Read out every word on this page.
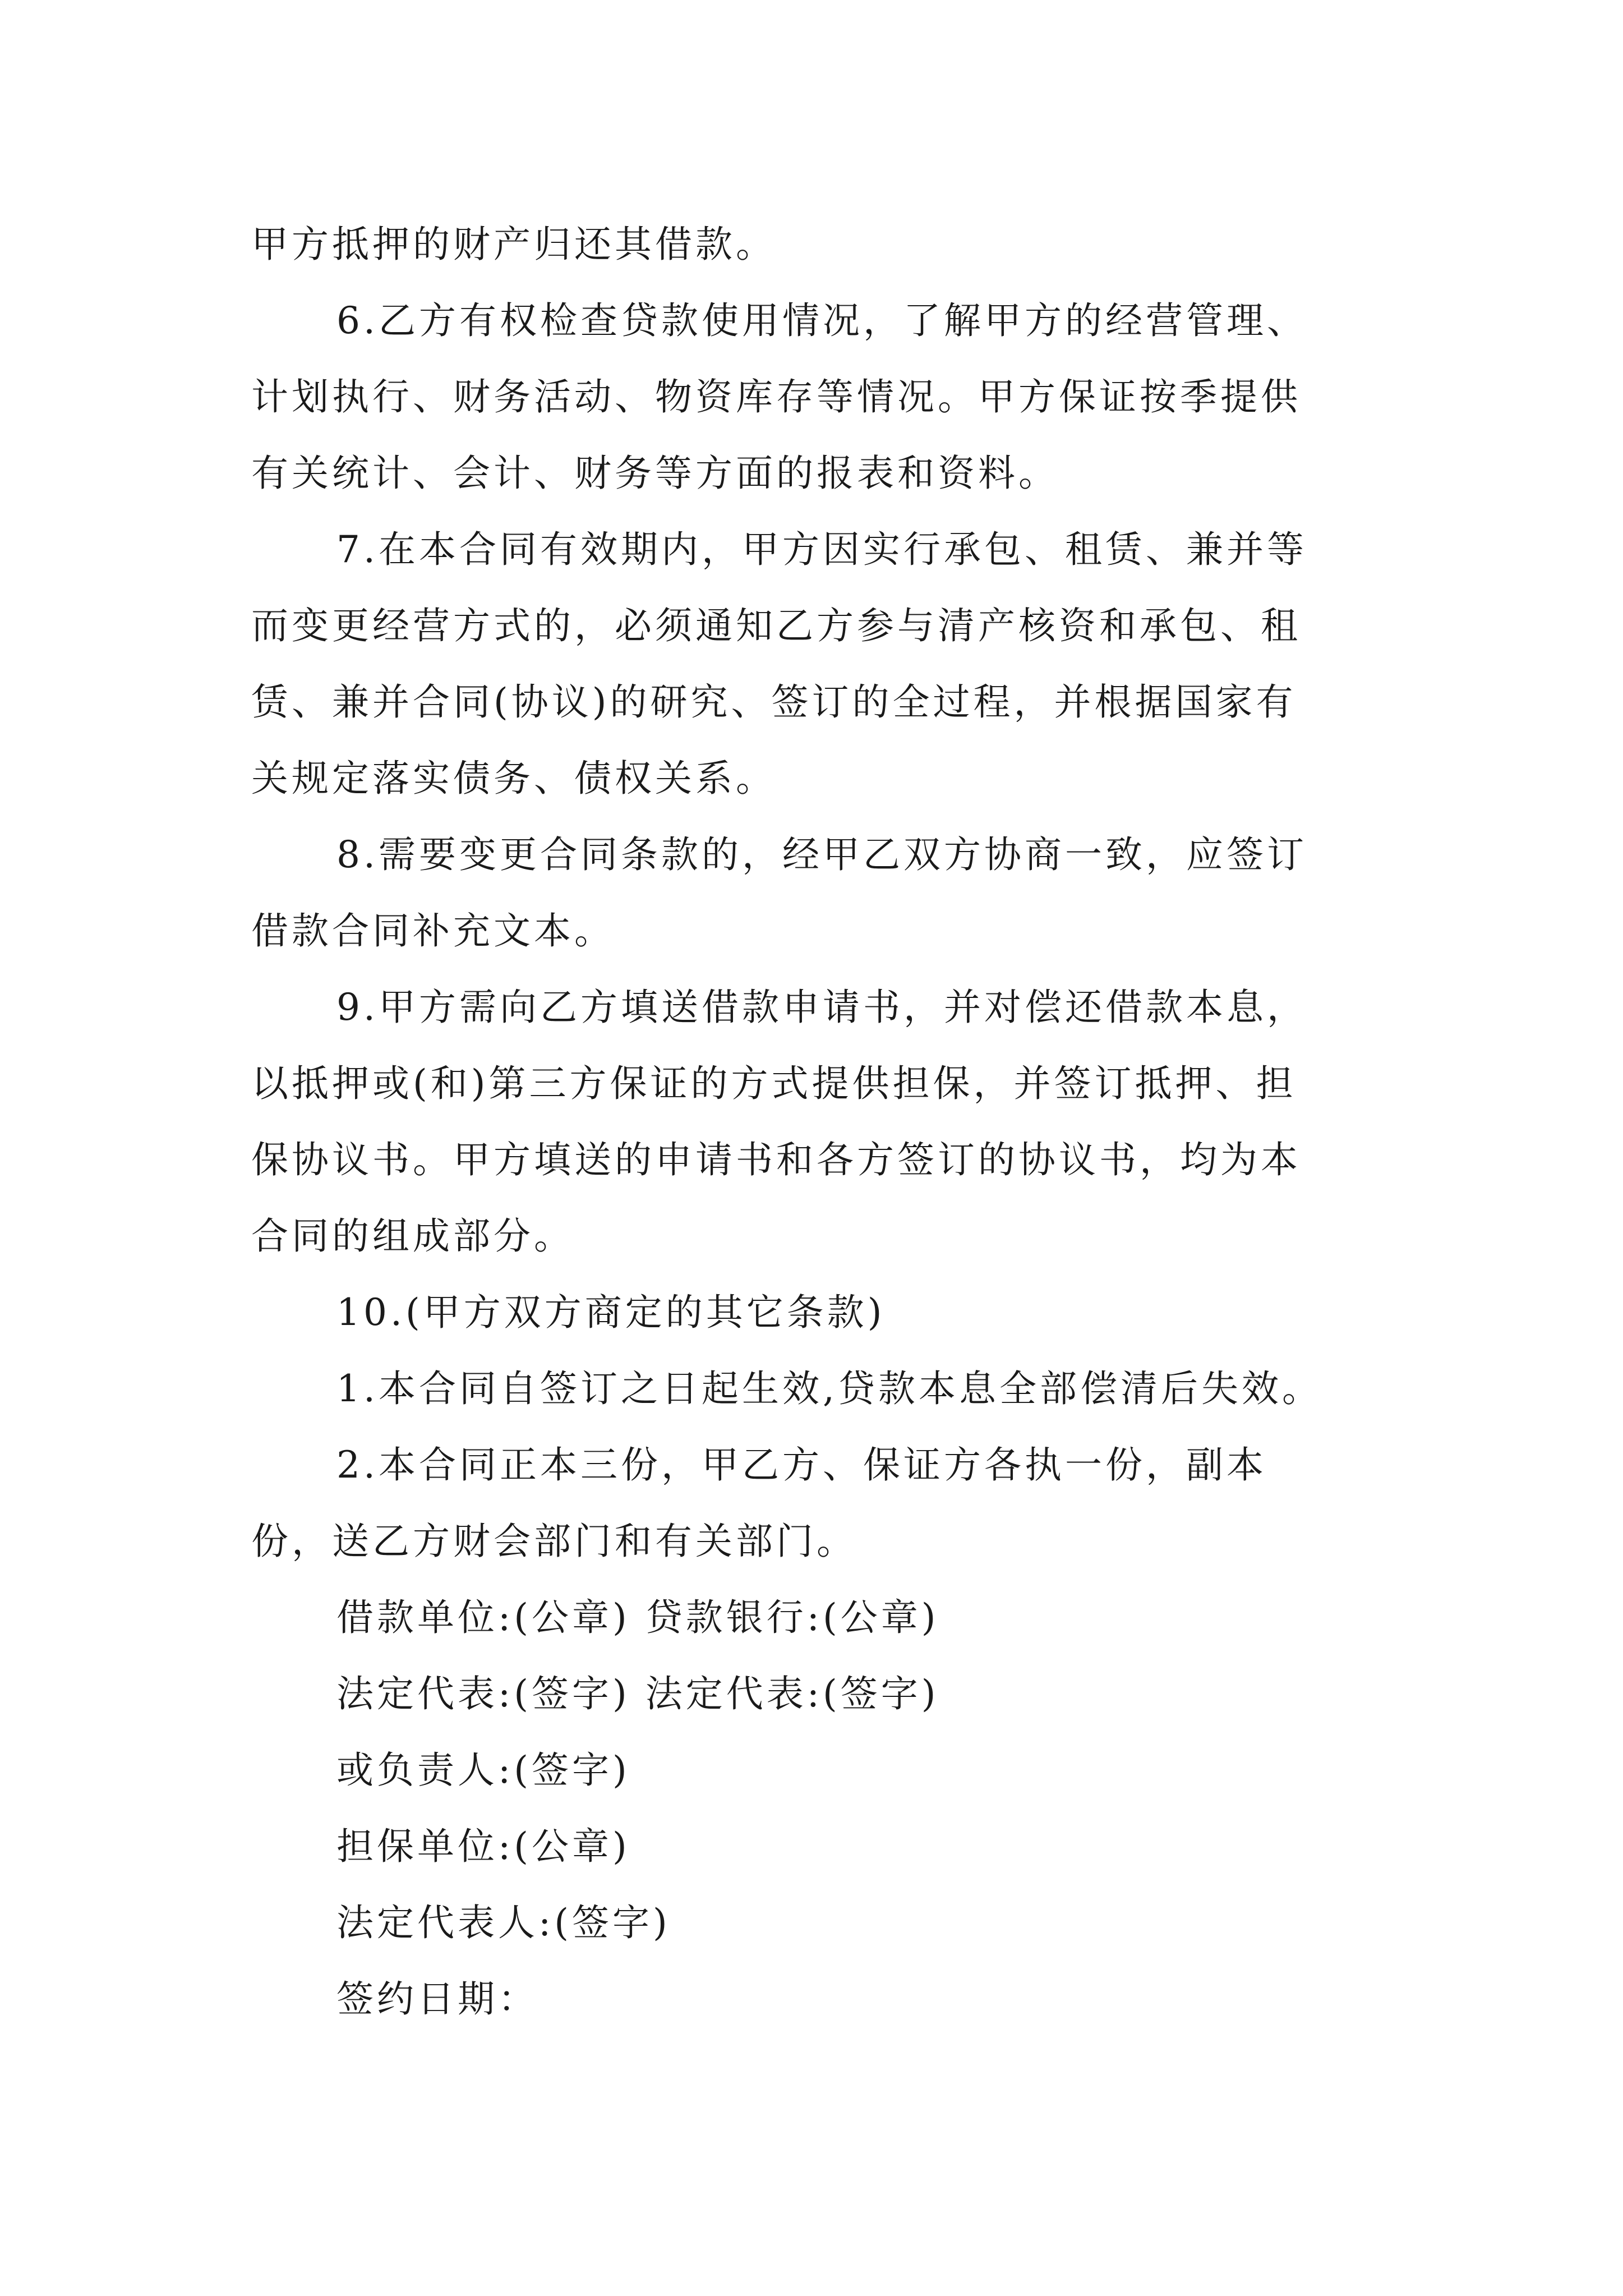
甲方抵押的财产归还其借款。
6.乙方有权检查贷款使用情况，了解甲方的经营管理、
计划执行、财务活动、物资库存等情况。甲方保证按季提供
有关统计、会计、财务等方面的报表和资料。
7.在本合同有效期内，甲方因实行承包、租赁、兼并等
而变更经营方式的，必须通知乙方参与清产核资和承包、租
赁、兼并合同(协议)的研究、签订的全过程，并根据国家有
关规定落实债务、债权关系。
8.需要变更合同条款的，经甲乙双方协商一致，应签订
借款合同补充文本。
9.甲方需向乙方填送借款申请书，并对偿还借款本息，
以抵押或(和)第三方保证的方式提供担保，并签订抵押、担
保协议书。甲方填送的申请书和各方签订的协议书，均为本
合同的组成部分。
10.(甲方双方商定的其它条款)
1.本合同自签订之日起生效,贷款本息全部偿清后失效。
2.本合同正本三份，甲乙方、保证方各执一份，副本
份，送乙方财会部门和有关部门。
借款单位:(公章) 贷款银行:(公章)
法定代表:(签字) 法定代表:(签字)
或负责人:(签字)
担保单位:(公章)
法定代表人:(签字)
签约日期：
